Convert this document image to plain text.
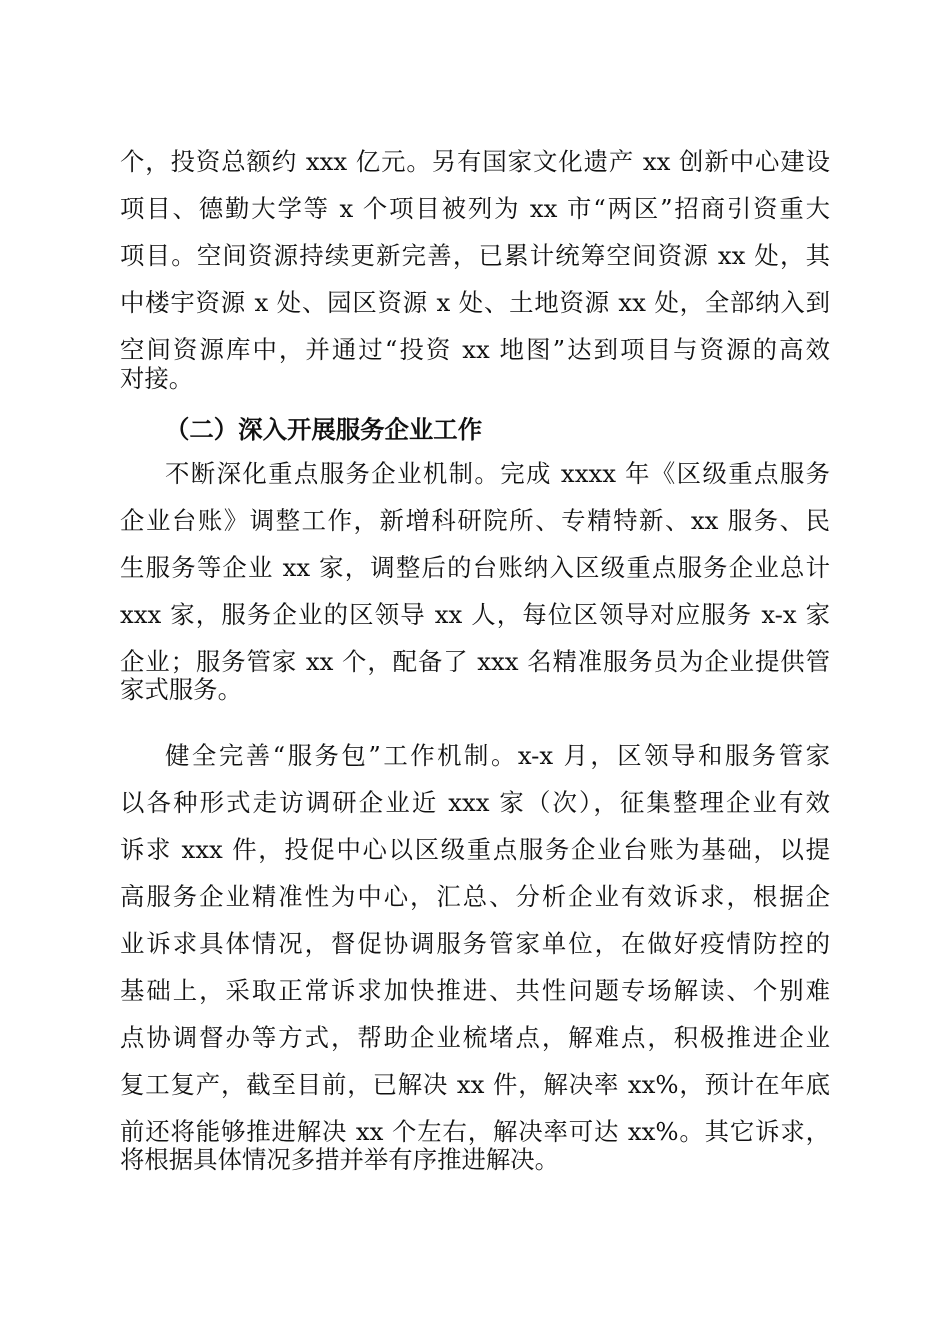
个，投资总额约 xxx 亿元。另有国家文化遗产 xx 创新中心建设

项目、德勤大学等 x 个项目被列为 xx 市“两区”招商引资重大

项目。空间资源持续更新完善，已累计统筹空间资源 xx 处，其

中楼宇资源 x 处、园区资源 x 处、土地资源 xx 处，全部纳入到

空间资源库中，并通过“投资 xx 地图”达到项目与资源的高效

对接。

（二）深入开展服务企业工作

不断深化重点服务企业机制。完成 xxxx 年《区级重点服务

企业台账》调整工作，新增科研院所、专精特新、xx 服务、民

生服务等企业 xx 家，调整后的台账纳入区级重点服务企业总计

xxx 家，服务企业的区领导 xx 人，每位区领导对应服务 x-x 家

企业；服务管家 xx 个，配备了 xxx 名精准服务员为企业提供管

家式服务。

健全完善“服务包”工作机制。x-x 月，区领导和服务管家

以各种形式走访调研企业近 xxx 家（次），征集整理企业有效

诉求 xxx 件，投促中心以区级重点服务企业台账为基础，以提

高服务企业精准性为中心，汇总、分析企业有效诉求，根据企

业诉求具体情况，督促协调服务管家单位，在做好疫情防控的

基础上，采取正常诉求加快推进、共性问题专场解读、个别难

点协调督办等方式，帮助企业梳堵点，解难点，积极推进企业

复工复产，截至目前，已解决 xx 件，解决率 xx%，预计在年底

前还将能够推进解决 xx 个左右，解决率可达 xx%。其它诉求，

将根据具体情况多措并举有序推进解决。
